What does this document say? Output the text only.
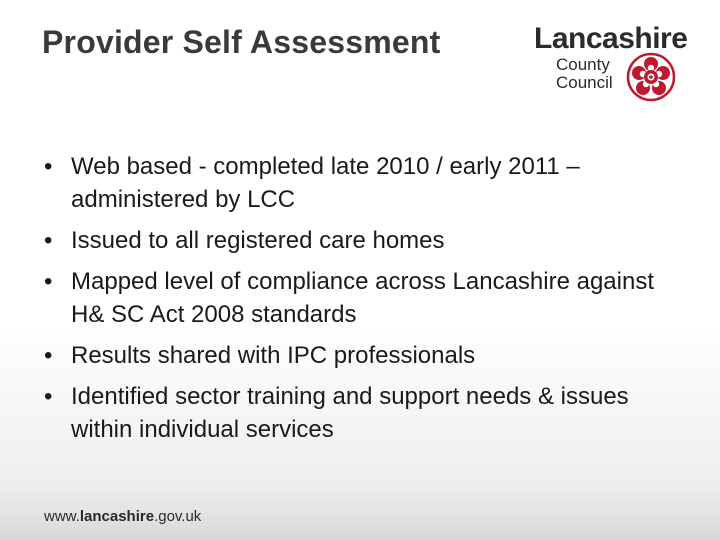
Provider Self Assessment	Lancashire
County
Council
• Web based - completed late 2010 / early 2011 – administered by LCC
• Issued to all registered care homes
• Mapped level of compliance across Lancashire against H& SC Act 2008 standards
• Results shared with IPC professionals
• Identified sector training and support needs & issues within individual services
www.lancashire.gov.uk
